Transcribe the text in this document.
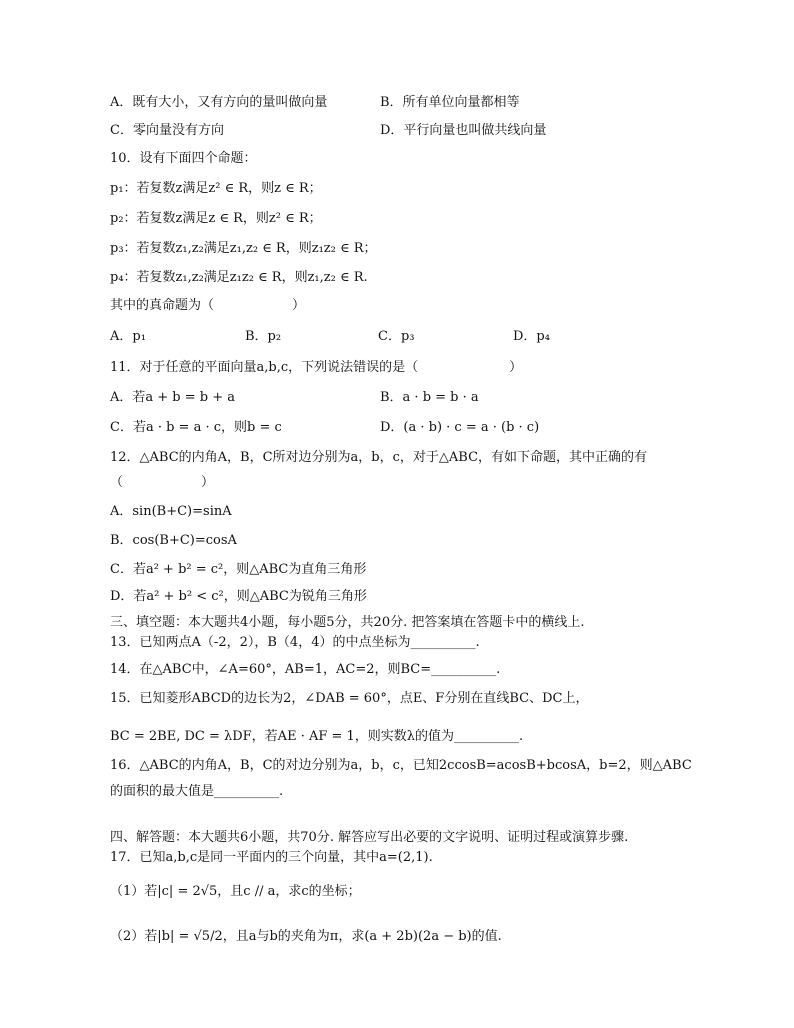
A．既有大小，又有方向的量叫做向量	B．所有单位向量都相等
C．零向量没有方向	D．平行向量也叫做共线向量
10．设有下面四个命题：
p₁：若复数z满足z² ∈ R，则z ∈ R；
p₂：若复数z满足z ∈ R，则z² ∈ R；
p₃：若复数z₁,z₂满足z₁,z₂ ∈ R，则z₁z₂ ∈ R；
p₄：若复数z₁,z₂满足z₁z₂ ∈ R，则z₁,z₂ ∈ R.
其中的真命题为（　　　　　　）
A．p₁	B．p₂	C．p₃	D．p₄
11．对于任意的平面向量a,b,c，下列说法错误的是（　　　　　　　）
A．若a + b = b + a	B．a · b = b · a
C．若a · b = a · c，则b = c	D．(a · b) · c = a · (b · c)
12．△ABC的内角A，B，C所对边分别为a，b，c，对于△ABC，有如下命题，其中正确的有
（　　　　　　）
A．sin(B+C)=sinA
B．cos(B+C)=cosA
C．若a² + b² = c²，则△ABC为直角三角形
D．若a² + b² < c²，则△ABC为锐角三角形
三、填空题：本大题共4小题，每小题5分，共20分. 把答案填在答题卡中的横线上.
13．已知两点A（-2，2），B（4，4）的中点坐标为__________.
14．在△ABC中，∠A=60°，AB=1，AC=2，则BC=__________.
15．已知菱形ABCD的边长为2，∠DAB = 60°，点E、F分别在直线BC、DC上，
BC = 2BE, DC = λDF，若AE · AF = 1，则实数λ的值为__________.
16．△ABC的内角A，B，C的对边分别为a，b，c，已知2ccosB=acosB+bcosA，b=2，则△ABC
的面积的最大值是__________.
四、解答题：本大题共6小题，共70分. 解答应写出必要的文字说明、证明过程或演算步骤.
17．已知a,b,c是同一平面内的三个向量，其中a=(2,1).
（1）若|c| = 2√5，且c // a，求c的坐标；
（2）若|b| = √5/2，且a与b的夹角为π，求(a + 2b)(2a − b)的值.
